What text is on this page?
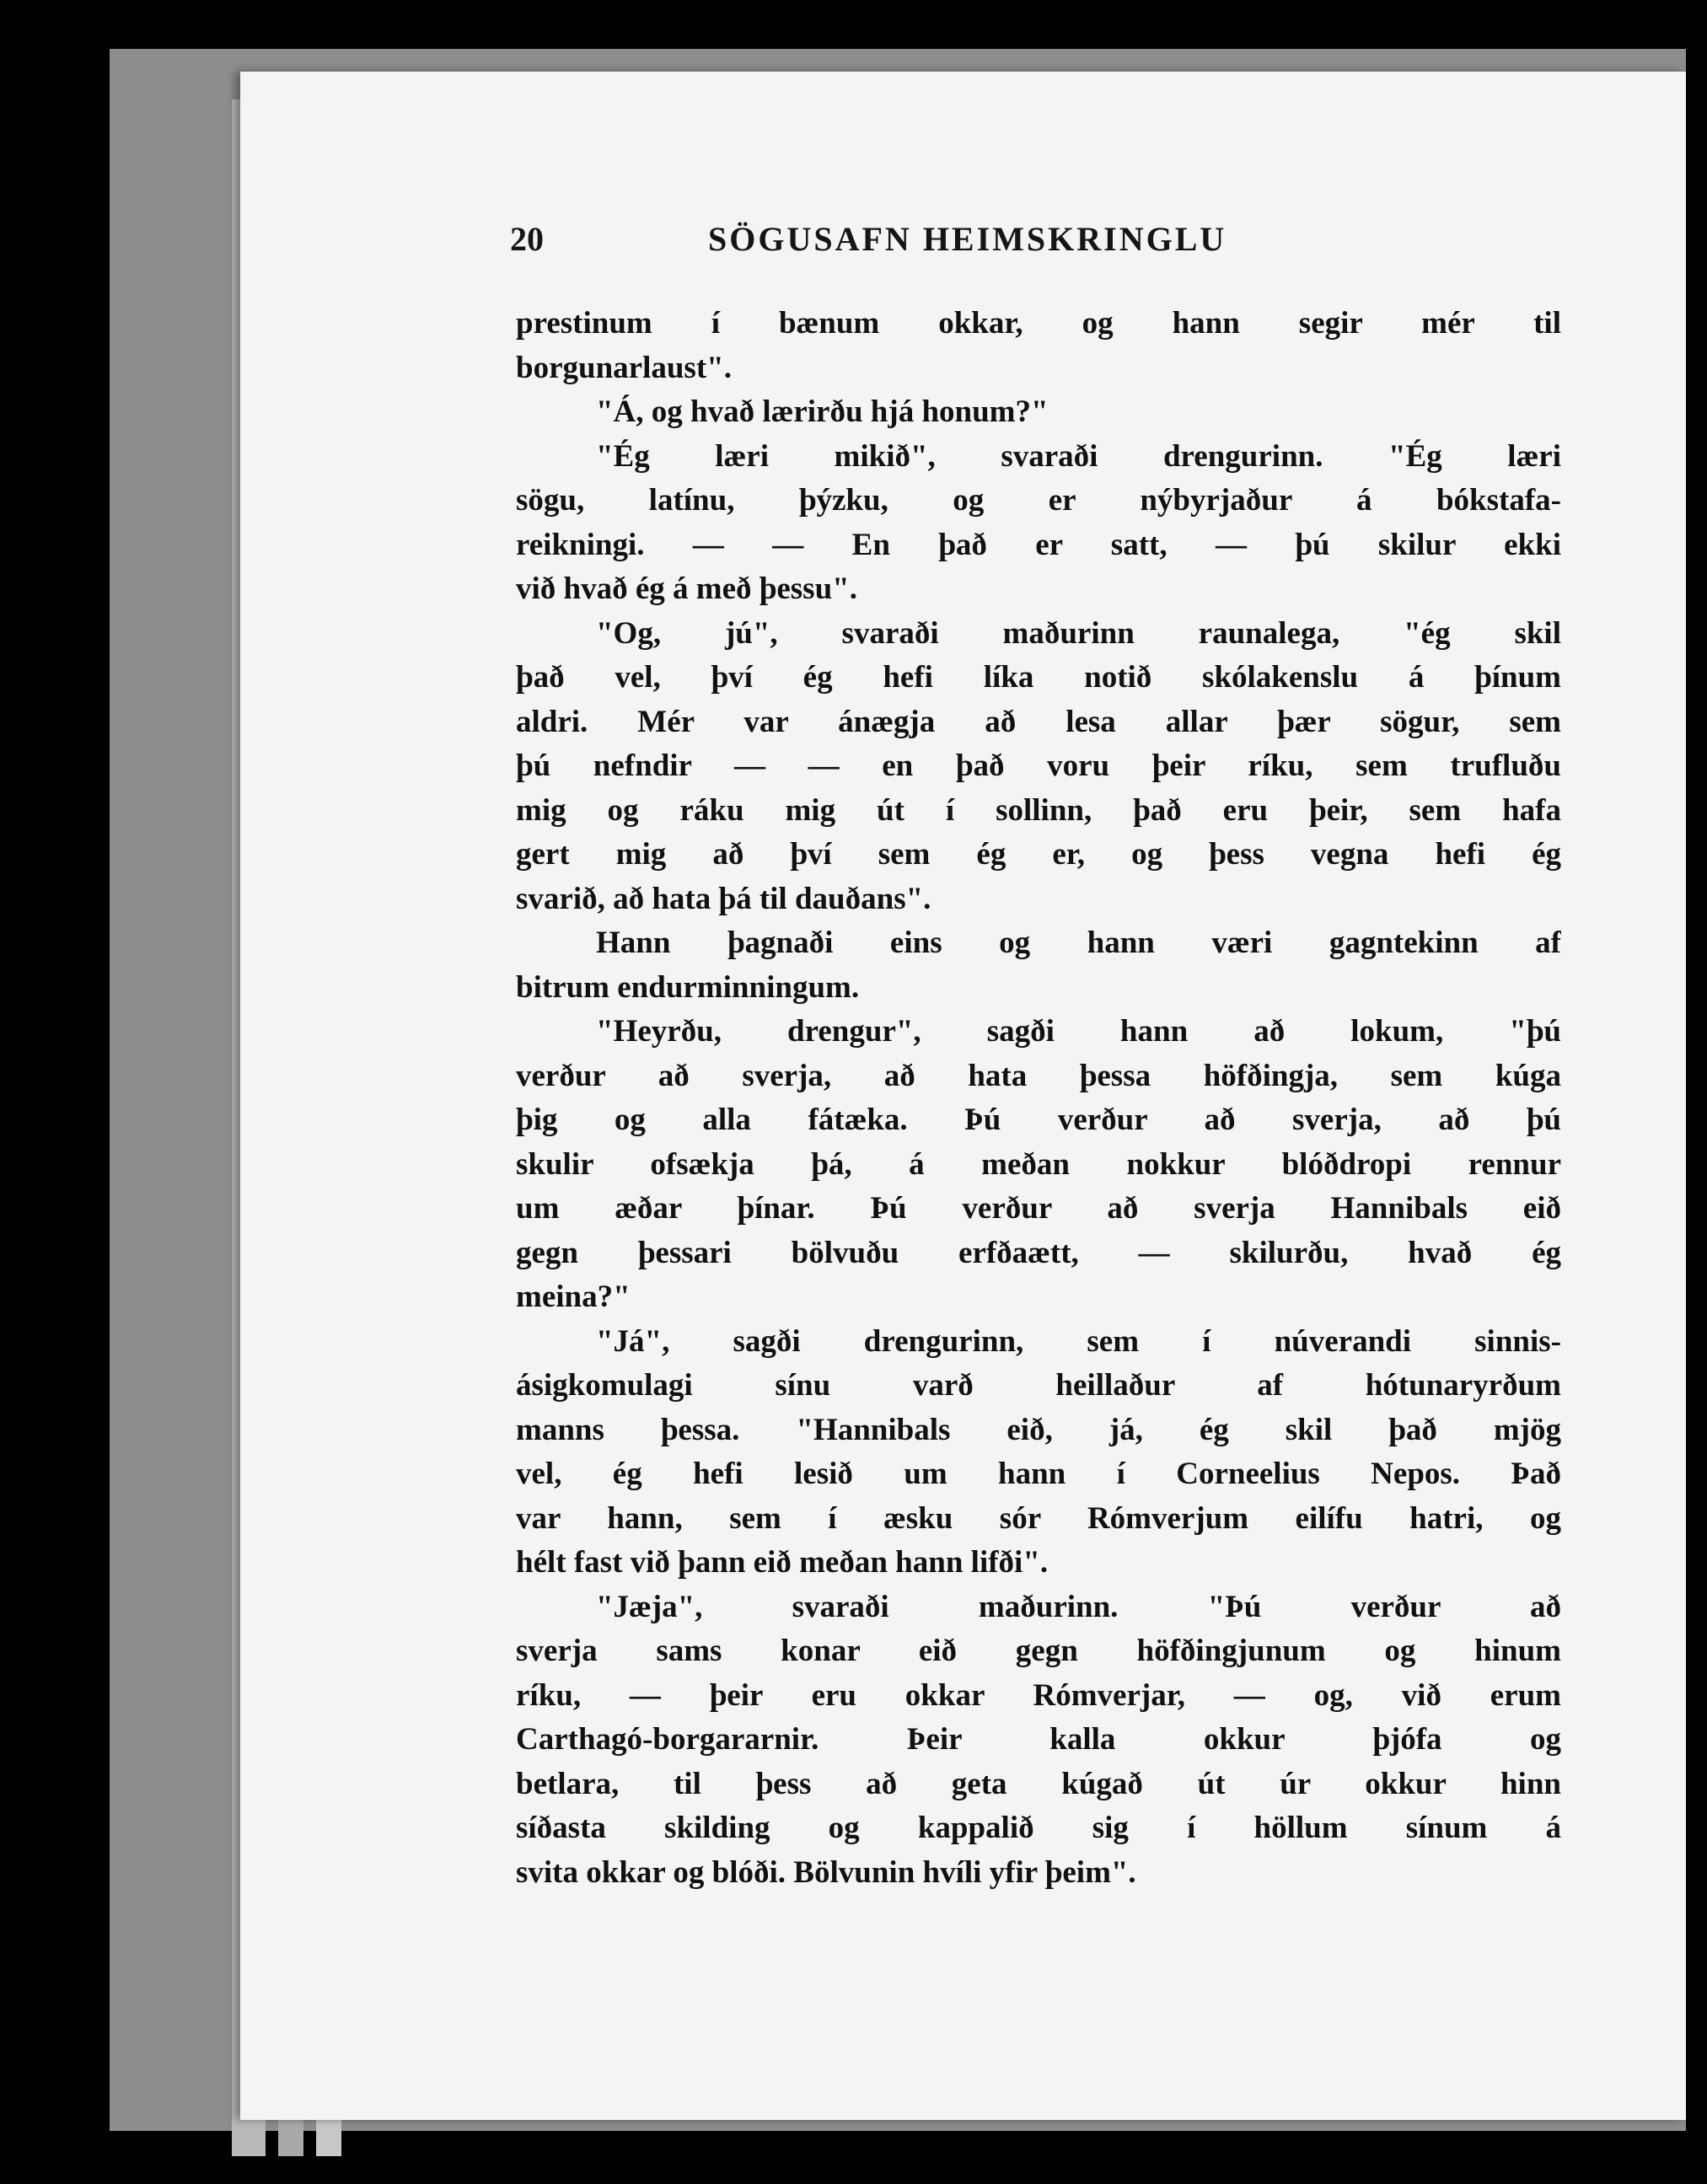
20	SÖGUSAFN HEIMSKRINGLU
prestinum í bænum okkar, og hann segir mér til
borgunarlaust".
"Á, og hvað lærirðu hjá honum?"
"Ég læri mikið", svaraði drengurinn. "Ég læri
sögu, latínu, þýzku, og er nýbyrjaður á bókstafa-
reikningi. — — En það er satt, — þú skilur ekki
við hvað ég á með þessu".
"Og, jú", svaraði maðurinn raunalega, "ég skil
það vel, því ég hefi líka notið skólakenslu á þínum
aldri. Mér var ánægja að lesa allar þær sögur, sem
þú nefndir — — en það voru þeir ríku, sem trufluðu
mig og ráku mig út í sollinn, það eru þeir, sem hafa
gert mig að því sem ég er, og þess vegna hefi ég
svarið, að hata þá til dauðans".
Hann þagnaði eins og hann væri gagntekinn af
bitrum endurminningum.
"Heyrðu, drengur", sagði hann að lokum, "þú
verður að sverja, að hata þessa höfðingja, sem kúga
þig og alla fátæka. Þú verður að sverja, að þú
skulir ofsækja þá, á meðan nokkur blóðdropi rennur
um æðar þínar. Þú verður að sverja Hannibals eið
gegn þessari bölvuðu erfðaætt, — skilurðu, hvað ég
meina?"
"Já", sagði drengurinn, sem í núverandi sinnis-
ásigkomulagi sínu varð heillaður af hótunaryrðum
manns þessa. "Hannibals eið, já, ég skil það mjög
vel, ég hefi lesið um hann í Corneelius Nepos. Það
var hann, sem í æsku sór Rómverjum eilífu hatri, og
hélt fast við þann eið meðan hann lifði".
"Jæja", svaraði maðurinn. "Þú verður að
sverja sams konar eið gegn höfðingjunum og hinum
ríku, — þeir eru okkar Rómverjar, — og, við erum
Carthagó-borgararnir. Þeir kalla okkur þjófa og
betlara, til þess að geta kúgað út úr okkur hinn
síðasta skilding og kappalið sig í höllum sínum á
svita okkar og blóði. Bölvunin hvíli yfir þeim".
